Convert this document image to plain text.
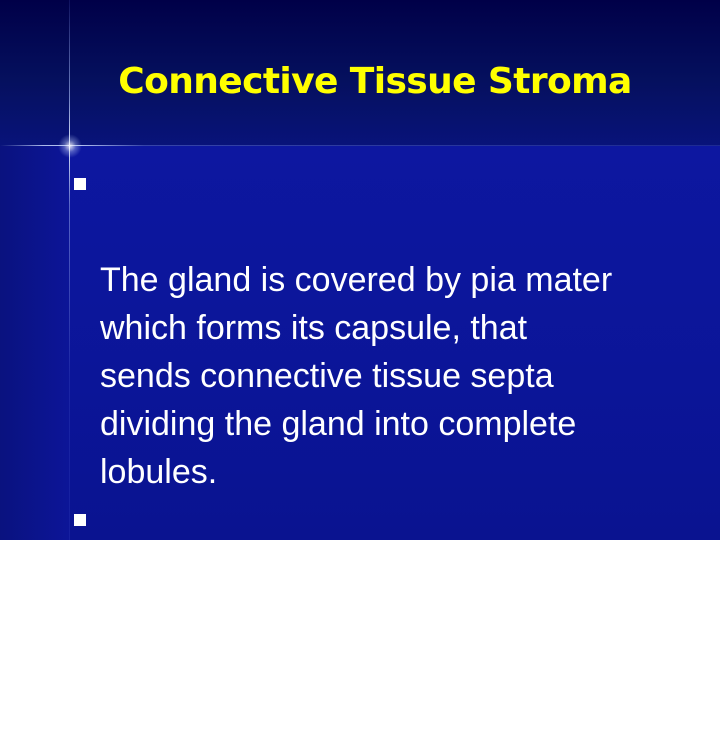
Connective Tissue Stroma

The gland is covered by pia mater
which forms its capsule, that
sends connective tissue septa
dividing the gland into complete
lobules.

Blood vessels and sympathetic
nerves enter the gland via the
connective tissue septa.
